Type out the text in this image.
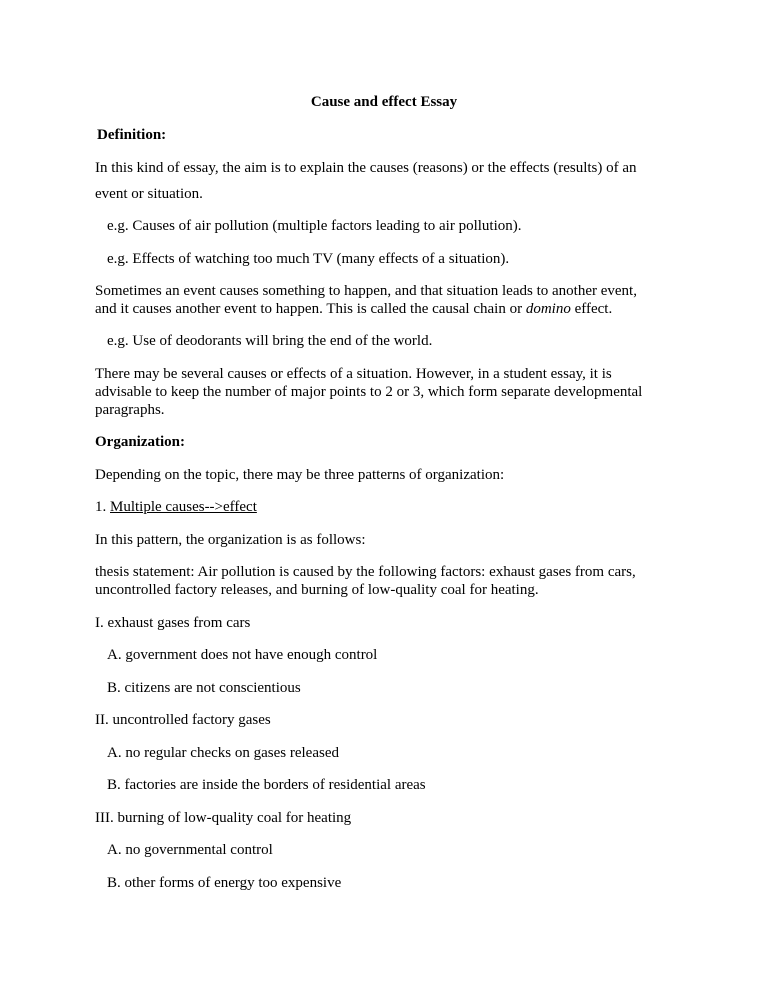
Cause and effect Essay

Definition:

In this kind of essay, the aim is to explain the causes (reasons) or the effects (results) of an

event or situation.

e.g. Causes of air pollution (multiple factors leading to air pollution).

e.g. Effects of watching too much TV (many effects of a situation).

Sometimes an event causes something to happen, and that situation leads to another event,

and it causes another event to happen. This is called the causal chain or domino effect.

e.g. Use of deodorants will bring the end of the world.

There may be several causes or effects of a situation. However, in a student essay, it is

advisable to keep the number of major points to 2 or 3, which form separate developmental

paragraphs.

Organization:

Depending on the topic, there may be three patterns of organization:

1. Multiple causes-->effect

In this pattern, the organization is as follows:

thesis statement: Air pollution is caused by the following factors: exhaust gases from cars,

uncontrolled factory releases, and burning of low-quality coal for heating.

I. exhaust gases from cars

A. government does not have enough control

B. citizens are not conscientious

II. uncontrolled factory gases

A. no regular checks on gases released

B. factories are inside the borders of residential areas

III. burning of low-quality coal for heating

A. no governmental control

B. other forms of energy too expensive
